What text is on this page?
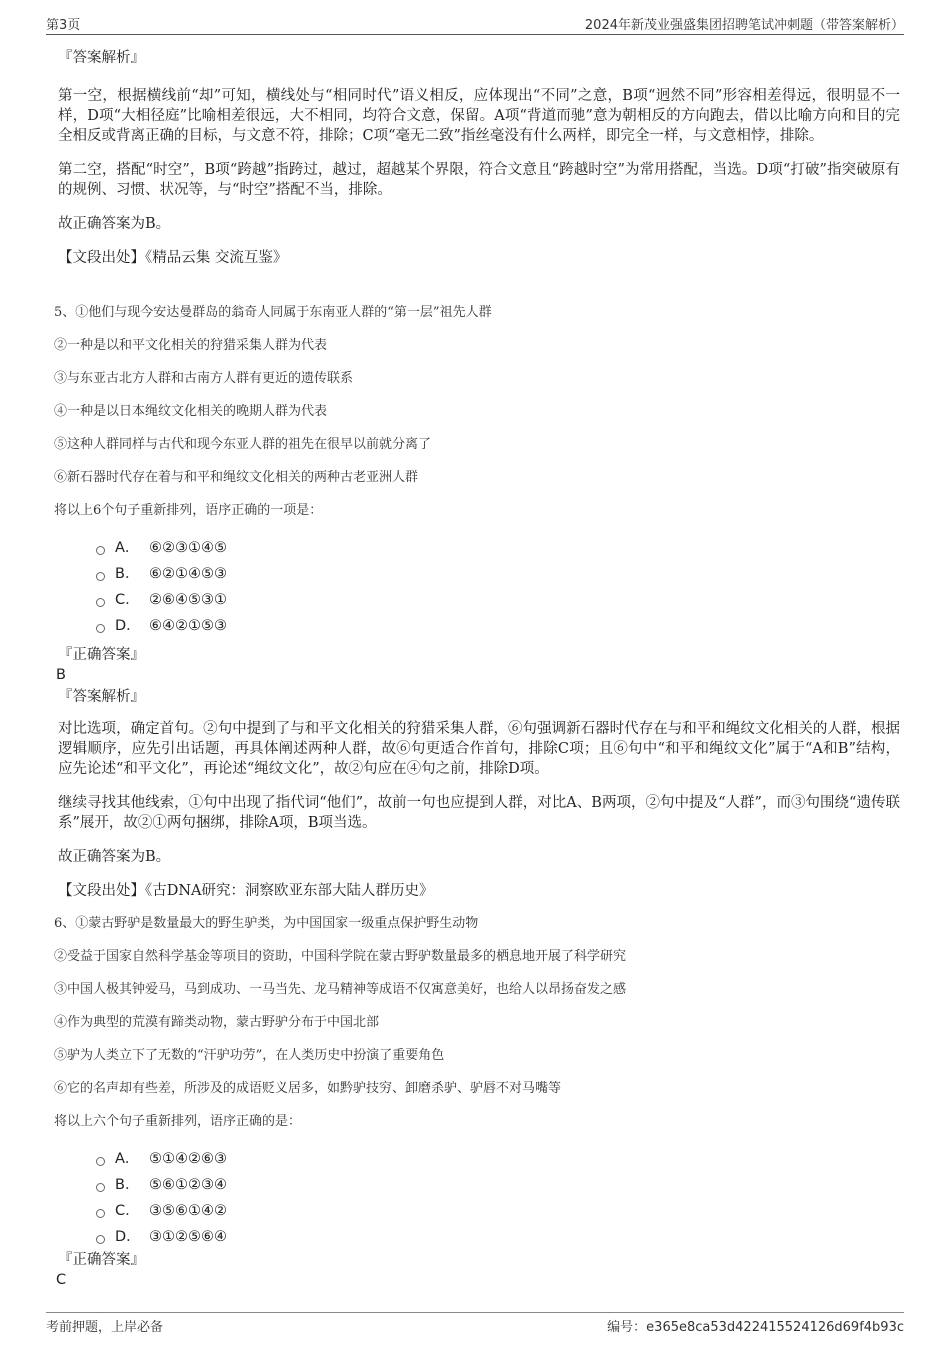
第3页	2024年新茂业强盛集团招聘笔试冲刺题（带答案解析）

『答案解析』

第一空，根据横线前“却”可知，横线处与“相同时代”语义相反，应体现出“不同”之意，B项“迥然不同”形容相差得远，很明显不一样，D项“大相径庭”比喻相差很远，大不相同，均符合文意，保留。A项“背道而驰”意为朝相反的方向跑去，借以比喻方向和目的完全相反或背离正确的目标，与文意不符，排除；C项“毫无二致”指丝毫没有什么两样，即完全一样，与文意相悖，排除。

第二空，搭配“时空”，B项“跨越”指跨过，越过，超越某个界限，符合文意且“跨越时空”为常用搭配，当选。D项“打破”指突破原有的规例、习惯、状况等，与“时空”搭配不当，排除。

故正确答案为B。

【文段出处】《精品云集 交流互鉴》

5、①他们与现今安达曼群岛的翁奇人同属于东南亚人群的“第一层”祖先人群

②一种是以和平文化相关的狩猎采集人群为代表

③与东亚古北方人群和古南方人群有更近的遗传联系

④一种是以日本绳纹文化相关的晚期人群为代表

⑤这种人群同样与古代和现今东亚人群的祖先在很早以前就分离了

⑥新石器时代存在着与和平和绳纹文化相关的两种古老亚洲人群

将以上6个句子重新排列，语序正确的一项是：

A． ⑥②③①④⑤
B． ⑥②①④⑤③
C． ②⑥④⑤③①
D． ⑥④②①⑤③

『正确答案』

B

『答案解析』

对比选项，确定首句。②句中提到了与和平文化相关的狩猎采集人群，⑥句强调新石器时代存在与和平和绳纹文化相关的人群，根据逻辑顺序，应先引出话题，再具体阐述两种人群，故⑥句更适合作首句，排除C项；且⑥句中“和平和绳纹文化”属于“A和B”结构，应先论述“和平文化”，再论述“绳纹文化”，故②句应在④句之前，排除D项。

继续寻找其他线索，①句中出现了指代词“他们”，故前一句也应提到人群，对比A、B两项，②句中提及“人群”，而③句围绕“遗传联系”展开，故②①两句捆绑，排除A项，B项当选。

故正确答案为B。

【文段出处】《古DNA研究：洞察欧亚东部大陆人群历史》

6、①蒙古野驴是数量最大的野生驴类，为中国国家一级重点保护野生动物

②受益于国家自然科学基金等项目的资助，中国科学院在蒙古野驴数量最多的栖息地开展了科学研究

③中国人极其钟爱马，马到成功、一马当先、龙马精神等成语不仅寓意美好，也给人以昂扬奋发之感

④作为典型的荒漠有蹄类动物，蒙古野驴分布于中国北部

⑤驴为人类立下了无数的“汗驴功劳”，在人类历史中扮演了重要角色

⑥它的名声却有些差，所涉及的成语贬义居多，如黔驴技穷、卸磨杀驴、驴唇不对马嘴等

将以上六个句子重新排列，语序正确的是：

A． ⑤①④②⑥③
B． ⑤⑥①②③④
C． ③⑤⑥①④②
D． ③①②⑤⑥④

『正确答案』

C

考前押题，上岸必备	编号：e365e8ca53d422415524126d69f4b93c
